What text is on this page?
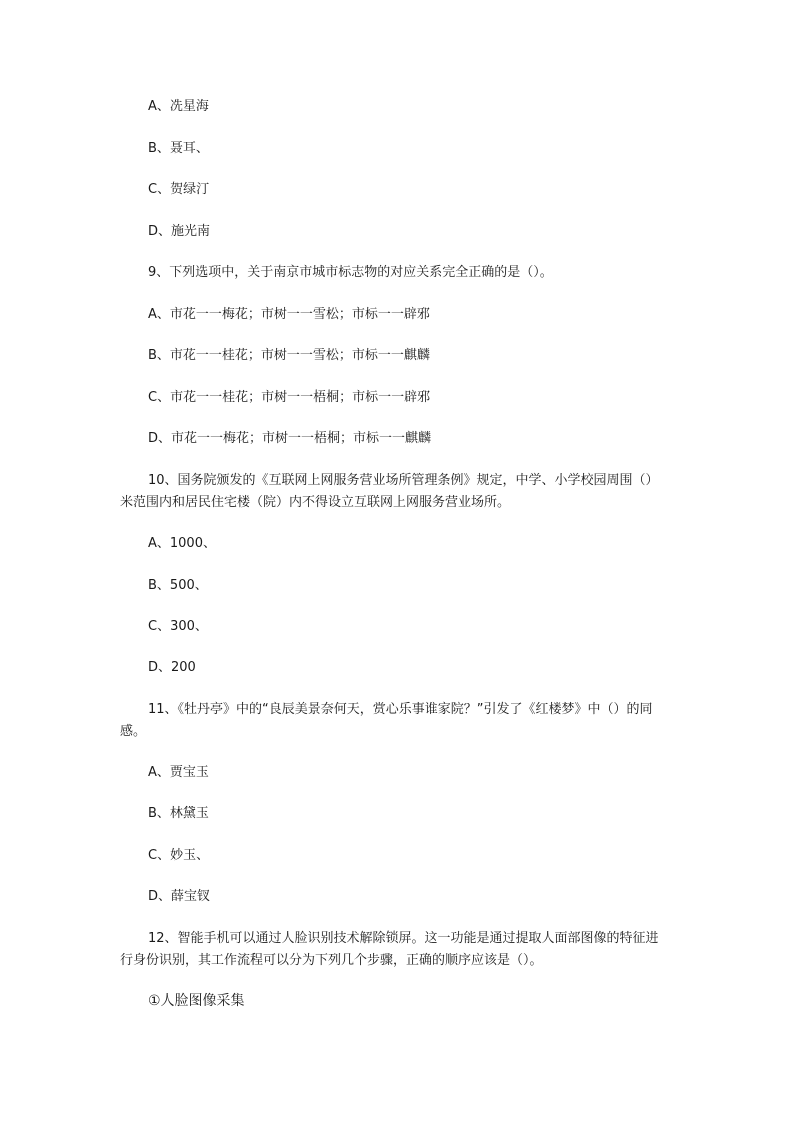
A、冼星海
B、聂耳、
C、贺绿汀
D、施光南
9、下列选项中，关于南京市城市标志物的对应关系完全正确的是（）。
A、市花一一梅花；市树一一雪松；市标一一辟邪
B、市花一一桂花；市树一一雪松；市标一一麒麟
C、市花一一桂花；市树一一梧桐；市标一一辟邪
D、市花一一梅花；市树一一梧桐；市标一一麒麟
10、国务院颁发的《互联网上网服务营业场所管理条例》规定，中学、小学校园周围（）米范围内和居民住宅楼（院）内不得设立互联网上网服务营业场所。
A、1000、
B、500、
C、300、
D、200
11、《牡丹亭》中的“良辰美景奈何天，赏心乐事谁家院？”引发了《红楼梦》中（）的同感。
A、贾宝玉
B、林黛玉
C、妙玉、
D、薛宝钗
12、智能手机可以通过人脸识别技术解除锁屏。这一功能是通过提取人面部图像的特征进行身份识别，其工作流程可以分为下列几个步骤，正确的顺序应该是（）。
①人脸图像采集
